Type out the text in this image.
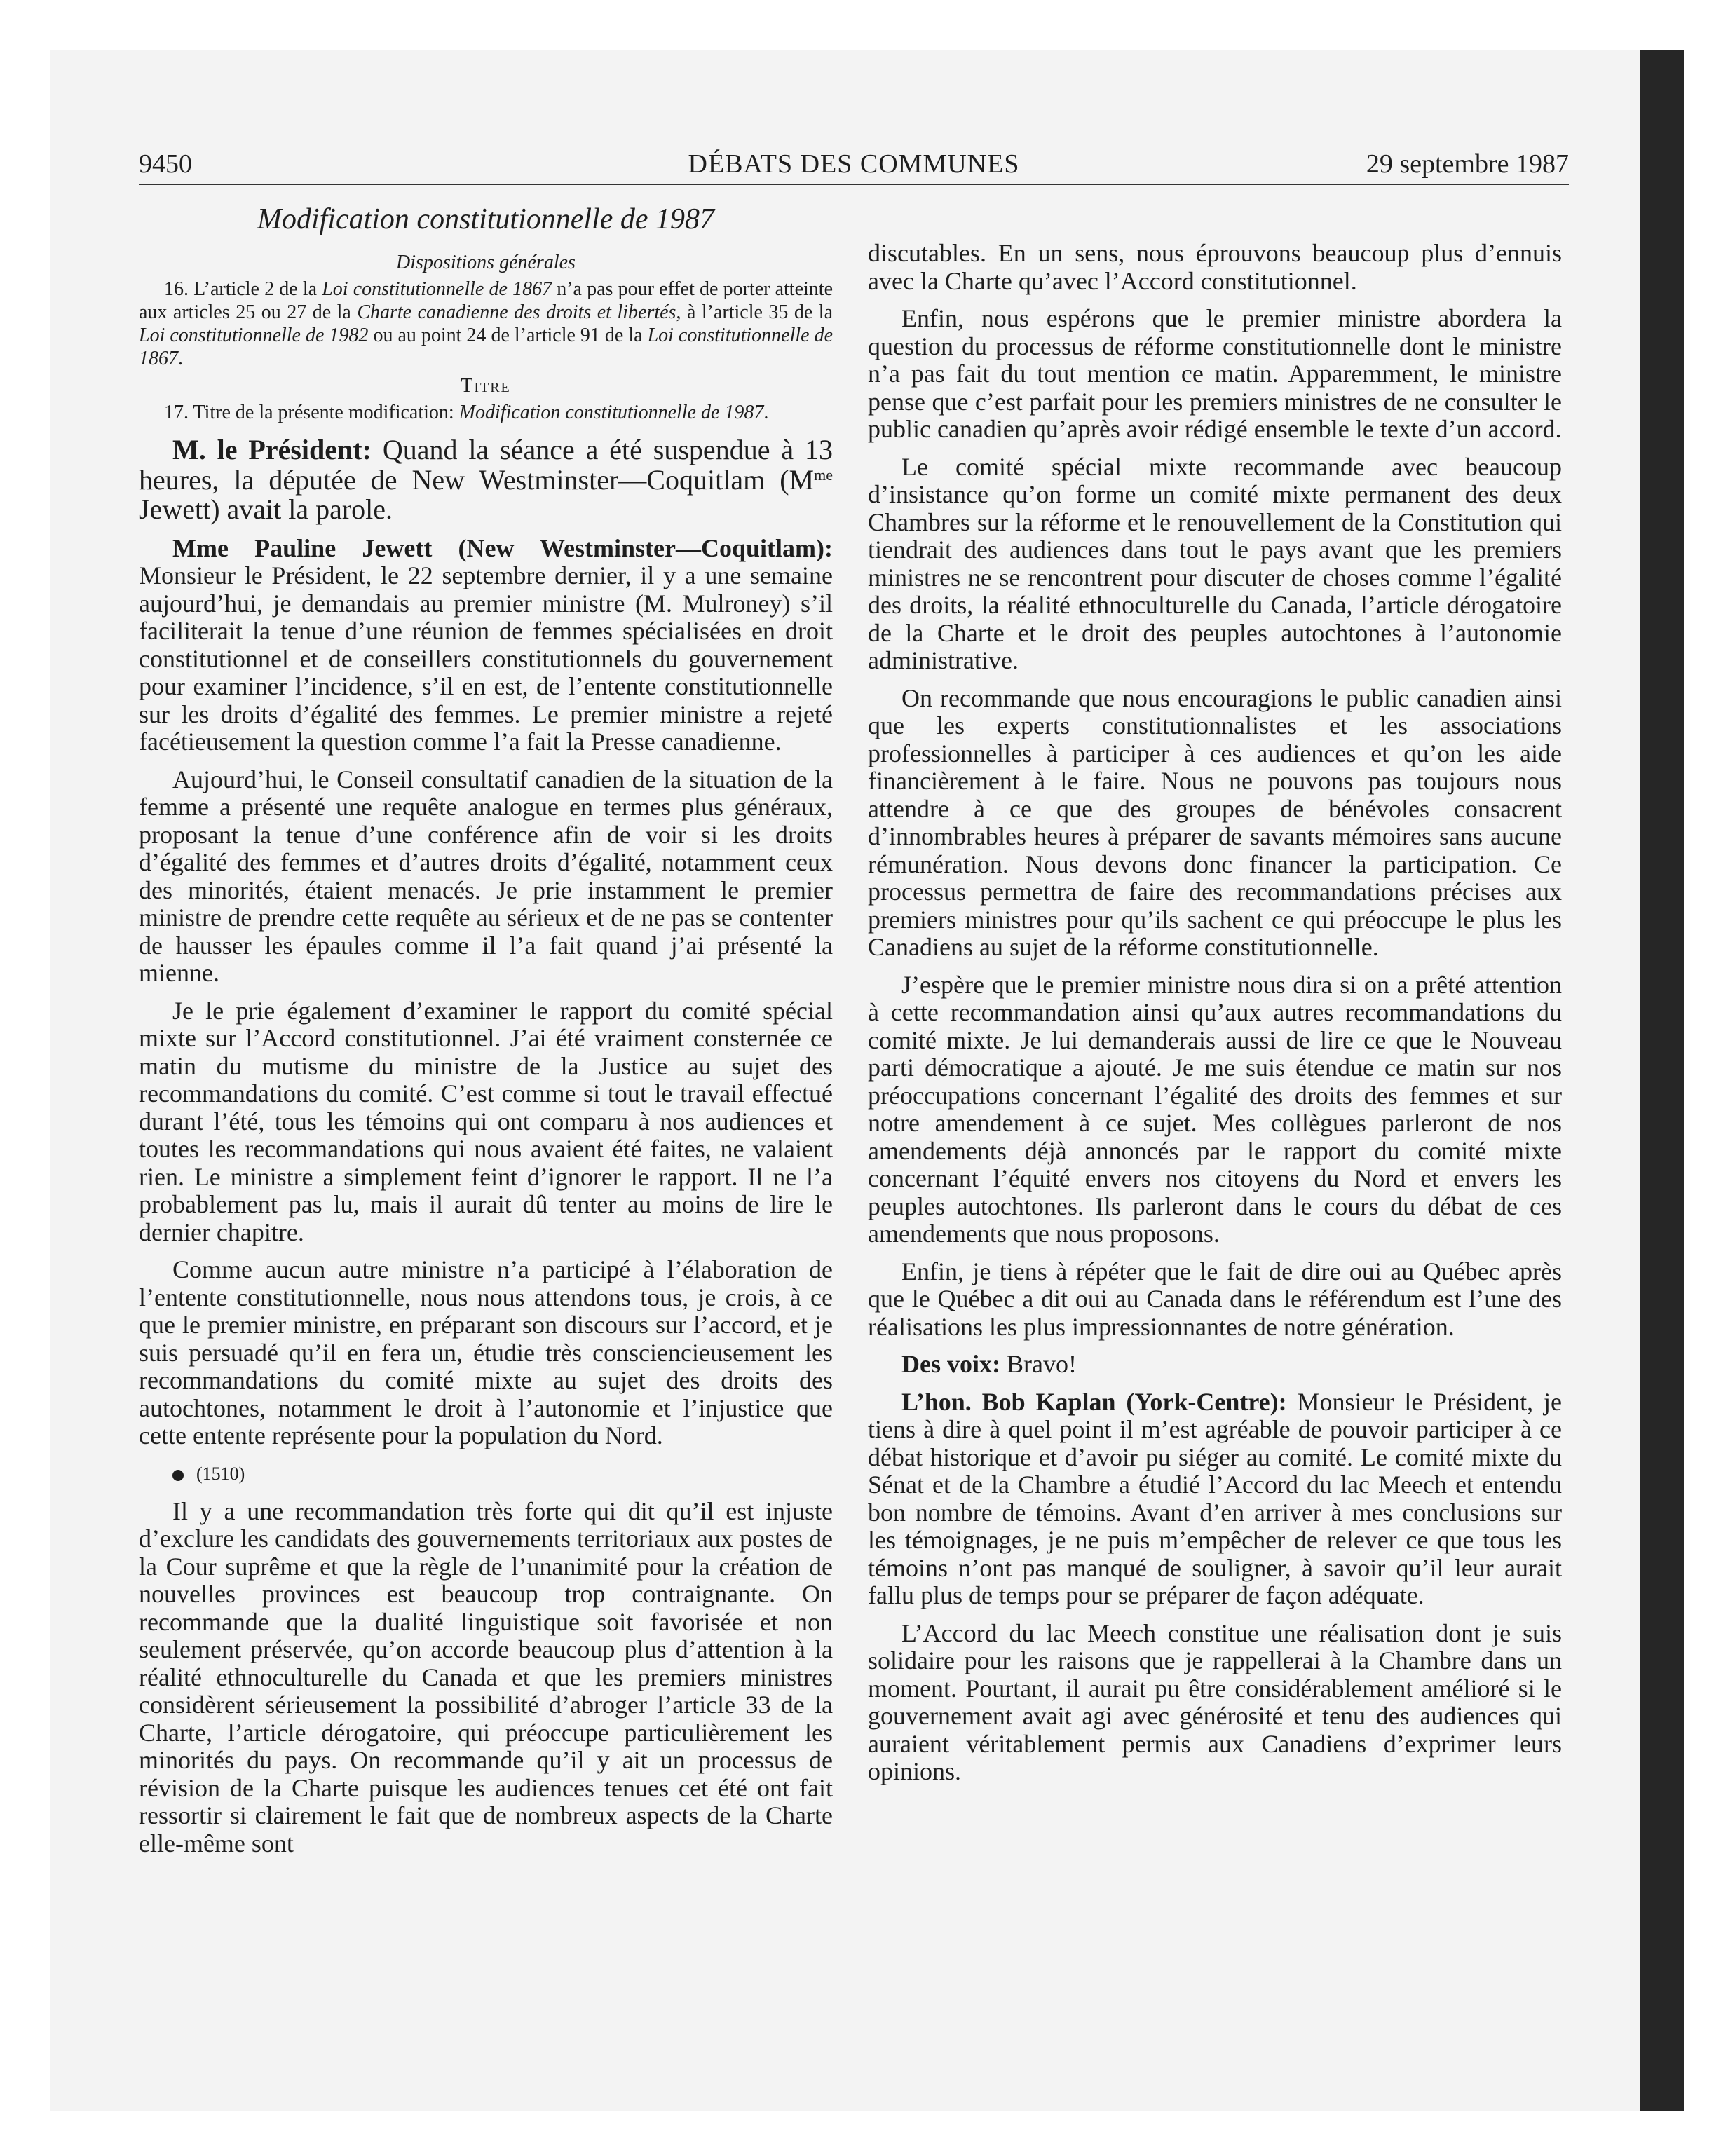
9450	DÉBATS DES COMMUNES	29 septembre 1987
Modification constitutionnelle de 1987
Dispositions générales

16. L’article 2 de la Loi constitutionnelle de 1867 n’a pas pour effet de porter atteinte aux articles 25 ou 27 de la Charte canadienne des droits et libertés, à l’article 35 de la Loi constitutionnelle de 1982 ou au point 24 de l’article 91 de la Loi constitutionnelle de 1867.

Titre

17. Titre de la présente modification: Modification constitutionnelle de 1987.

M. le Président: Quand la séance a été suspendue à 13 heures, la députée de New Westminster—Coquitlam ($M^{me}$ Jewett) avait la parole.

Mme Pauline Jewett (New Westminster—Coquitlam): Monsieur le Président, le 22 septembre dernier, il y a une semaine aujourd’hui, je demandais au premier ministre (M. Mulroney) s’il faciliterait la tenue d’une réunion de femmes spécialisées en droit constitutionnel et de conseillers constitutionnels du gouvernement pour examiner l’incidence, s’il en est, de l’entente constitutionnelle sur les droits d’égalité des femmes. Le premier ministre a rejeté facétieusement la question comme l’a fait la Presse canadienne.

Aujourd’hui, le Conseil consultatif canadien de la situation de la femme a présenté une requête analogue en termes plus généraux, proposant la tenue d’une conférence afin de voir si les droits d’égalité des femmes et d’autres droits d’égalité, notamment ceux des minorités, étaient menacés. Je prie instamment le premier ministre de prendre cette requête au sérieux et de ne pas se contenter de hausser les épaules comme il l’a fait quand j’ai présenté la mienne.

Je le prie également d’examiner le rapport du comité spécial mixte sur l’Accord constitutionnel. J’ai été vraiment consternée ce matin du mutisme du ministre de la Justice au sujet des recommandations du comité. C’est comme si tout le travail effectué durant l’été, tous les témoins qui ont comparu à nos audiences et toutes les recommandations qui nous avaient été faites, ne valaient rien. Le ministre a simplement feint d’ignorer le rapport. Il ne l’a probablement pas lu, mais il aurait dû tenter au moins de lire le dernier chapitre.

Comme aucun autre ministre n’a participé à l’élaboration de l’entente constitutionnelle, nous nous attendons tous, je crois, à ce que le premier ministre, en préparant son discours sur l’accord, et je suis persuadé qu’il en fera un, étudie très consciencieusement les recommandations du comité mixte au sujet des droits des autochtones, notamment le droit à l’autonomie et l’injustice que cette entente représente pour la population du Nord.

(1510)

Il y a une recommandation très forte qui dit qu’il est injuste d’exclure les candidats des gouvernements territoriaux aux postes de la Cour suprême et que la règle de l’unanimité pour la création de nouvelles provinces est beaucoup trop contraignante. On recommande que la dualité linguistique soit favorisée et non seulement préservée, qu’on accorde beaucoup plus d’attention à la réalité ethnoculturelle du Canada et que les premiers ministres considèrent sérieusement la possibilité d’abroger l’article 33 de la Charte, l’article dérogatoire, qui préoccupe particulièrement les minorités du pays. On recommande qu’il y ait un processus de révision de la Charte puisque les audiences tenues cet été ont fait ressortir si clairement le fait que de nombreux aspects de la Charte elle-même sont

discutables. En un sens, nous éprouvons beaucoup plus d’ennuis avec la Charte qu’avec l’Accord constitutionnel.

Enfin, nous espérons que le premier ministre abordera la question du processus de réforme constitutionnelle dont le ministre n’a pas fait du tout mention ce matin. Apparemment, le ministre pense que c’est parfait pour les premiers ministres de ne consulter le public canadien qu’après avoir rédigé ensemble le texte d’un accord.

Le comité spécial mixte recommande avec beaucoup d’insistance qu’on forme un comité mixte permanent des deux Chambres sur la réforme et le renouvellement de la Constitution qui tiendrait des audiences dans tout le pays avant que les premiers ministres ne se rencontrent pour discuter de choses comme l’égalité des droits, la réalité ethnoculturelle du Canada, l’article dérogatoire de la Charte et le droit des peuples autochtones à l’autonomie administrative.

On recommande que nous encouragions le public canadien ainsi que les experts constitutionnalistes et les associations professionnelles à participer à ces audiences et qu’on les aide financièrement à le faire. Nous ne pouvons pas toujours nous attendre à ce que des groupes de bénévoles consacrent d’innombrables heures à préparer de savants mémoires sans aucune rémunération. Nous devons donc financer la participation. Ce processus permettra de faire des recommandations précises aux premiers ministres pour qu’ils sachent ce qui préoccupe le plus les Canadiens au sujet de la réforme constitutionnelle.

J’espère que le premier ministre nous dira si on a prêté attention à cette recommandation ainsi qu’aux autres recommandations du comité mixte. Je lui demanderais aussi de lire ce que le Nouveau parti démocratique a ajouté. Je me suis étendue ce matin sur nos préoccupations concernant l’égalité des droits des femmes et sur notre amendement à ce sujet. Mes collègues parleront de nos amendements déjà annoncés par le rapport du comité mixte concernant l’équité envers nos citoyens du Nord et envers les peuples autochtones. Ils parleront dans le cours du débat de ces amendements que nous proposons.

Enfin, je tiens à répéter que le fait de dire oui au Québec après que le Québec a dit oui au Canada dans le référendum est l’une des réalisations les plus impressionnantes de notre génération.

Des voix: Bravo!

L’hon. Bob Kaplan (York-Centre): Monsieur le Président, je tiens à dire à quel point il m’est agréable de pouvoir participer à ce débat historique et d’avoir pu siéger au comité. Le comité mixte du Sénat et de la Chambre a étudié l’Accord du lac Meech et entendu bon nombre de témoins. Avant d’en arriver à mes conclusions sur les témoignages, je ne puis m’empêcher de relever ce que tous les témoins n’ont pas manqué de souligner, à savoir qu’il leur aurait fallu plus de temps pour se préparer de façon adéquate.

L’Accord du lac Meech constitue une réalisation dont je suis solidaire pour les raisons que je rappellerai à la Chambre dans un moment. Pourtant, il aurait pu être considérablement amélioré si le gouvernement avait agi avec générosité et tenu des audiences qui auraient véritablement permis aux Canadiens d’exprimer leurs opinions.
